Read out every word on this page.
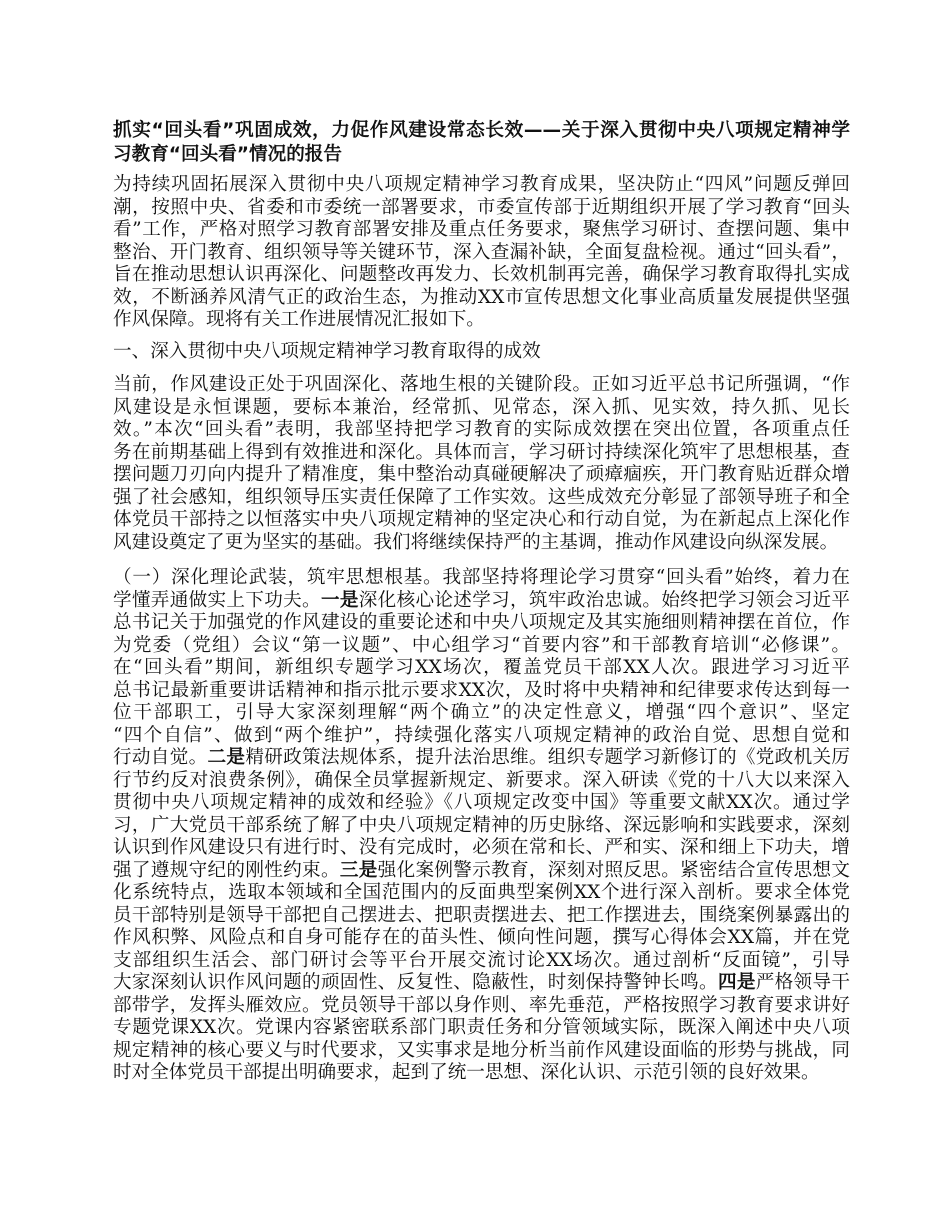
抓实“回头看”巩固成效，力促作风建设常态长效——关于深入贯彻中央八项规定精神学
习教育“回头看”情况的报告
为持续巩固拓展深入贯彻中央八项规定精神学习教育成果，坚决防止“四风”问题反弹回
潮，按照中央、省委和市委统一部署要求，市委宣传部于近期组织开展了学习教育“回头
看”工作，严格对照学习教育部署安排及重点任务要求，聚焦学习研讨、查摆问题、集中
整治、开门教育、组织领导等关键环节，深入查漏补缺，全面复盘检视。通过“回头看”，
旨在推动思想认识再深化、问题整改再发力、长效机制再完善，确保学习教育取得扎实成
效，不断涵养风清气正的政治生态，为推动XX市宣传思想文化事业高质量发展提供坚强
作风保障。现将有关工作进展情况汇报如下。
一、深入贯彻中央八项规定精神学习教育取得的成效
当前，作风建设正处于巩固深化、落地生根的关键阶段。正如习近平总书记所强调，“作
风建设是永恒课题，要标本兼治，经常抓、见常态，深入抓、见实效，持久抓、见长
效。”本次“回头看”表明，我部坚持把学习教育的实际成效摆在突出位置，各项重点任
务在前期基础上得到有效推进和深化。具体而言，学习研讨持续深化筑牢了思想根基，查
摆问题刀刃向内提升了精准度，集中整治动真碰硬解决了顽瘴痼疾，开门教育贴近群众增
强了社会感知，组织领导压实责任保障了工作实效。这些成效充分彰显了部领导班子和全
体党员干部持之以恒落实中央八项规定精神的坚定决心和行动自觉，为在新起点上深化作
风建设奠定了更为坚实的基础。我们将继续保持严的主基调，推动作风建设向纵深发展。
（一）深化理论武装，筑牢思想根基。我部坚持将理论学习贯穿“回头看”始终，着力在
学懂弄通做实上下功夫。一是深化核心论述学习，筑牢政治忠诚。始终把学习领会习近平
总书记关于加强党的作风建设的重要论述和中央八项规定及其实施细则精神摆在首位，作
为党委（党组）会议“第一议题”、中心组学习“首要内容”和干部教育培训“必修课”。
在“回头看”期间，新组织专题学习XX场次，覆盖党员干部XX人次。跟进学习习近平
总书记最新重要讲话精神和指示批示要求XX次，及时将中央精神和纪律要求传达到每一
位干部职工，引导大家深刻理解“两个确立”的决定性意义，增强“四个意识”、坚定
“四个自信”、做到“两个维护”，持续强化落实八项规定精神的政治自觉、思想自觉和
行动自觉。二是精研政策法规体系，提升法治思维。组织专题学习新修订的《党政机关厉
行节约反对浪费条例》，确保全员掌握新规定、新要求。深入研读《党的十八大以来深入
贯彻中央八项规定精神的成效和经验》《八项规定改变中国》等重要文献XX次。通过学
习，广大党员干部系统了解了中央八项规定精神的历史脉络、深远影响和实践要求，深刻
认识到作风建设只有进行时、没有完成时，必须在常和长、严和实、深和细上下功夫，增
强了遵规守纪的刚性约束。三是强化案例警示教育，深刻对照反思。紧密结合宣传思想文
化系统特点，选取本领域和全国范围内的反面典型案例XX个进行深入剖析。要求全体党
员干部特别是领导干部把自己摆进去、把职责摆进去、把工作摆进去，围绕案例暴露出的
作风积弊、风险点和自身可能存在的苗头性、倾向性问题，撰写心得体会XX篇，并在党
支部组织生活会、部门研讨会等平台开展交流讨论XX场次。通过剖析“反面镜”，引导
大家深刻认识作风问题的顽固性、反复性、隐蔽性，时刻保持警钟长鸣。四是严格领导干
部带学，发挥头雁效应。党员领导干部以身作则、率先垂范，严格按照学习教育要求讲好
专题党课XX次。党课内容紧密联系部门职责任务和分管领域实际，既深入阐述中央八项
规定精神的核心要义与时代要求，又实事求是地分析当前作风建设面临的形势与挑战，同
时对全体党员干部提出明确要求，起到了统一思想、深化认识、示范引领的良好效果。
